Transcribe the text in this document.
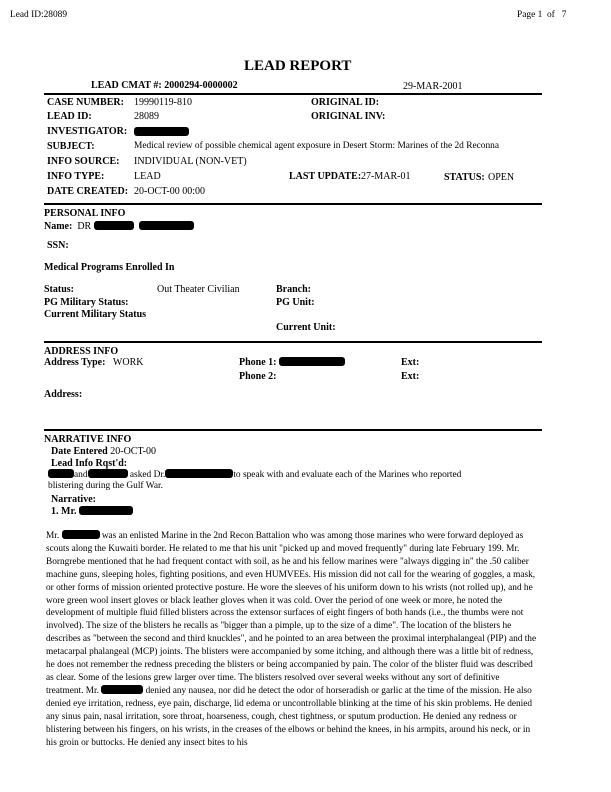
Lead ID:28089	Page 1 of 7
LEAD REPORT
LEAD CMAT #: 2000294-0000002	29-MAR-2001
CASE NUMBER: 19990119-810	ORIGINAL ID:
LEAD ID:	28089	ORIGINAL INV:
INVESTIGATOR:
SUBJECT:	Medical review of possible chemical agent exposure in Desert Storm: Marines of the 2d Reconna
INFO SOURCE: INDIVIDUAL (NON-VET)
INFO TYPE:	LEAD	LAST UPDATE: 27-MAR-01	STATUS: OPEN
DATE CREATED: 20-OCT-00 00:00
PERSONAL INFO
Name: DR
SSN:
Medical Programs Enrolled In
Status:	Out Theater Civilian	Branch:
PG Military Status:	PG Unit:
Current Military Status
Current Unit:
ADDRESS INFO
Address Type: WORK	Phone 1:	Ext:
Phone 2:	Ext:
Address:
NARRATIVE INFO
Date Entered 20-OCT-00
Lead Info Rqst'd:
and	asked Dr.	to speak with and evaluate each of the Marines who reported
blistering during the Gulf War.
Narrative:
1. Mr.

Mr.	was an enlisted Marine in the 2nd Recon Battalion who was among those marines who were forward deployed as scouts along the Kuwaiti border. He related to me that his unit "picked up and moved frequently" during late February 199. Mr. Borngrebe mentioned that he had frequent contact with soil, as he and his fellow marines were "always digging in" the .50 caliber machine guns, sleeping holes, fighting positions, and even HUMVEEs. His mission did not call for the wearing of goggles, a mask, or other forms of mission oriented protective posture. He wore the sleeves of his uniform down to his wrists (not rolled up), and he wore green wool insert gloves or black leather gloves when it was cold. Over the period of one week or more, he noted the development of multiple fluid filled blisters across the extensor surfaces of eight fingers of both hands (i.e., the thumbs were not involved). The size of the blisters he recalls as "bigger than a pimple, up to the size of a dime". The location of the blisters he describes as "between the second and third knuckles", and he pointed to an area between the proximal interphalangeal (PIP) and the metacarpal phalangeal (MCP) joints. The blisters were accompanied by some itching, and although there was a little bit of redness, he does not remember the redness preceding the blisters or being accompanied by pain. The color of the blister fluid was described as clear. Some of the lesions grew larger over time. The blisters resolved over several weeks without any sort of definitive treatment. Mr.	denied any nausea, nor did he detect the odor of horseradish or garlic at the time of the mission. He also denied eye irritation, redness, eye pain, discharge, lid edema or uncontrollable blinking at the time of his skin problems. He denied any sinus pain, nasal irritation, sore throat, hoarseness, cough, chest tightness, or sputum production. He denied any redness or blistering between his fingers, on his wrists, in the creases of the elbows or behind the knees, in his armpits, around his neck, or in his groin or buttocks. He denied any insect bites to his
